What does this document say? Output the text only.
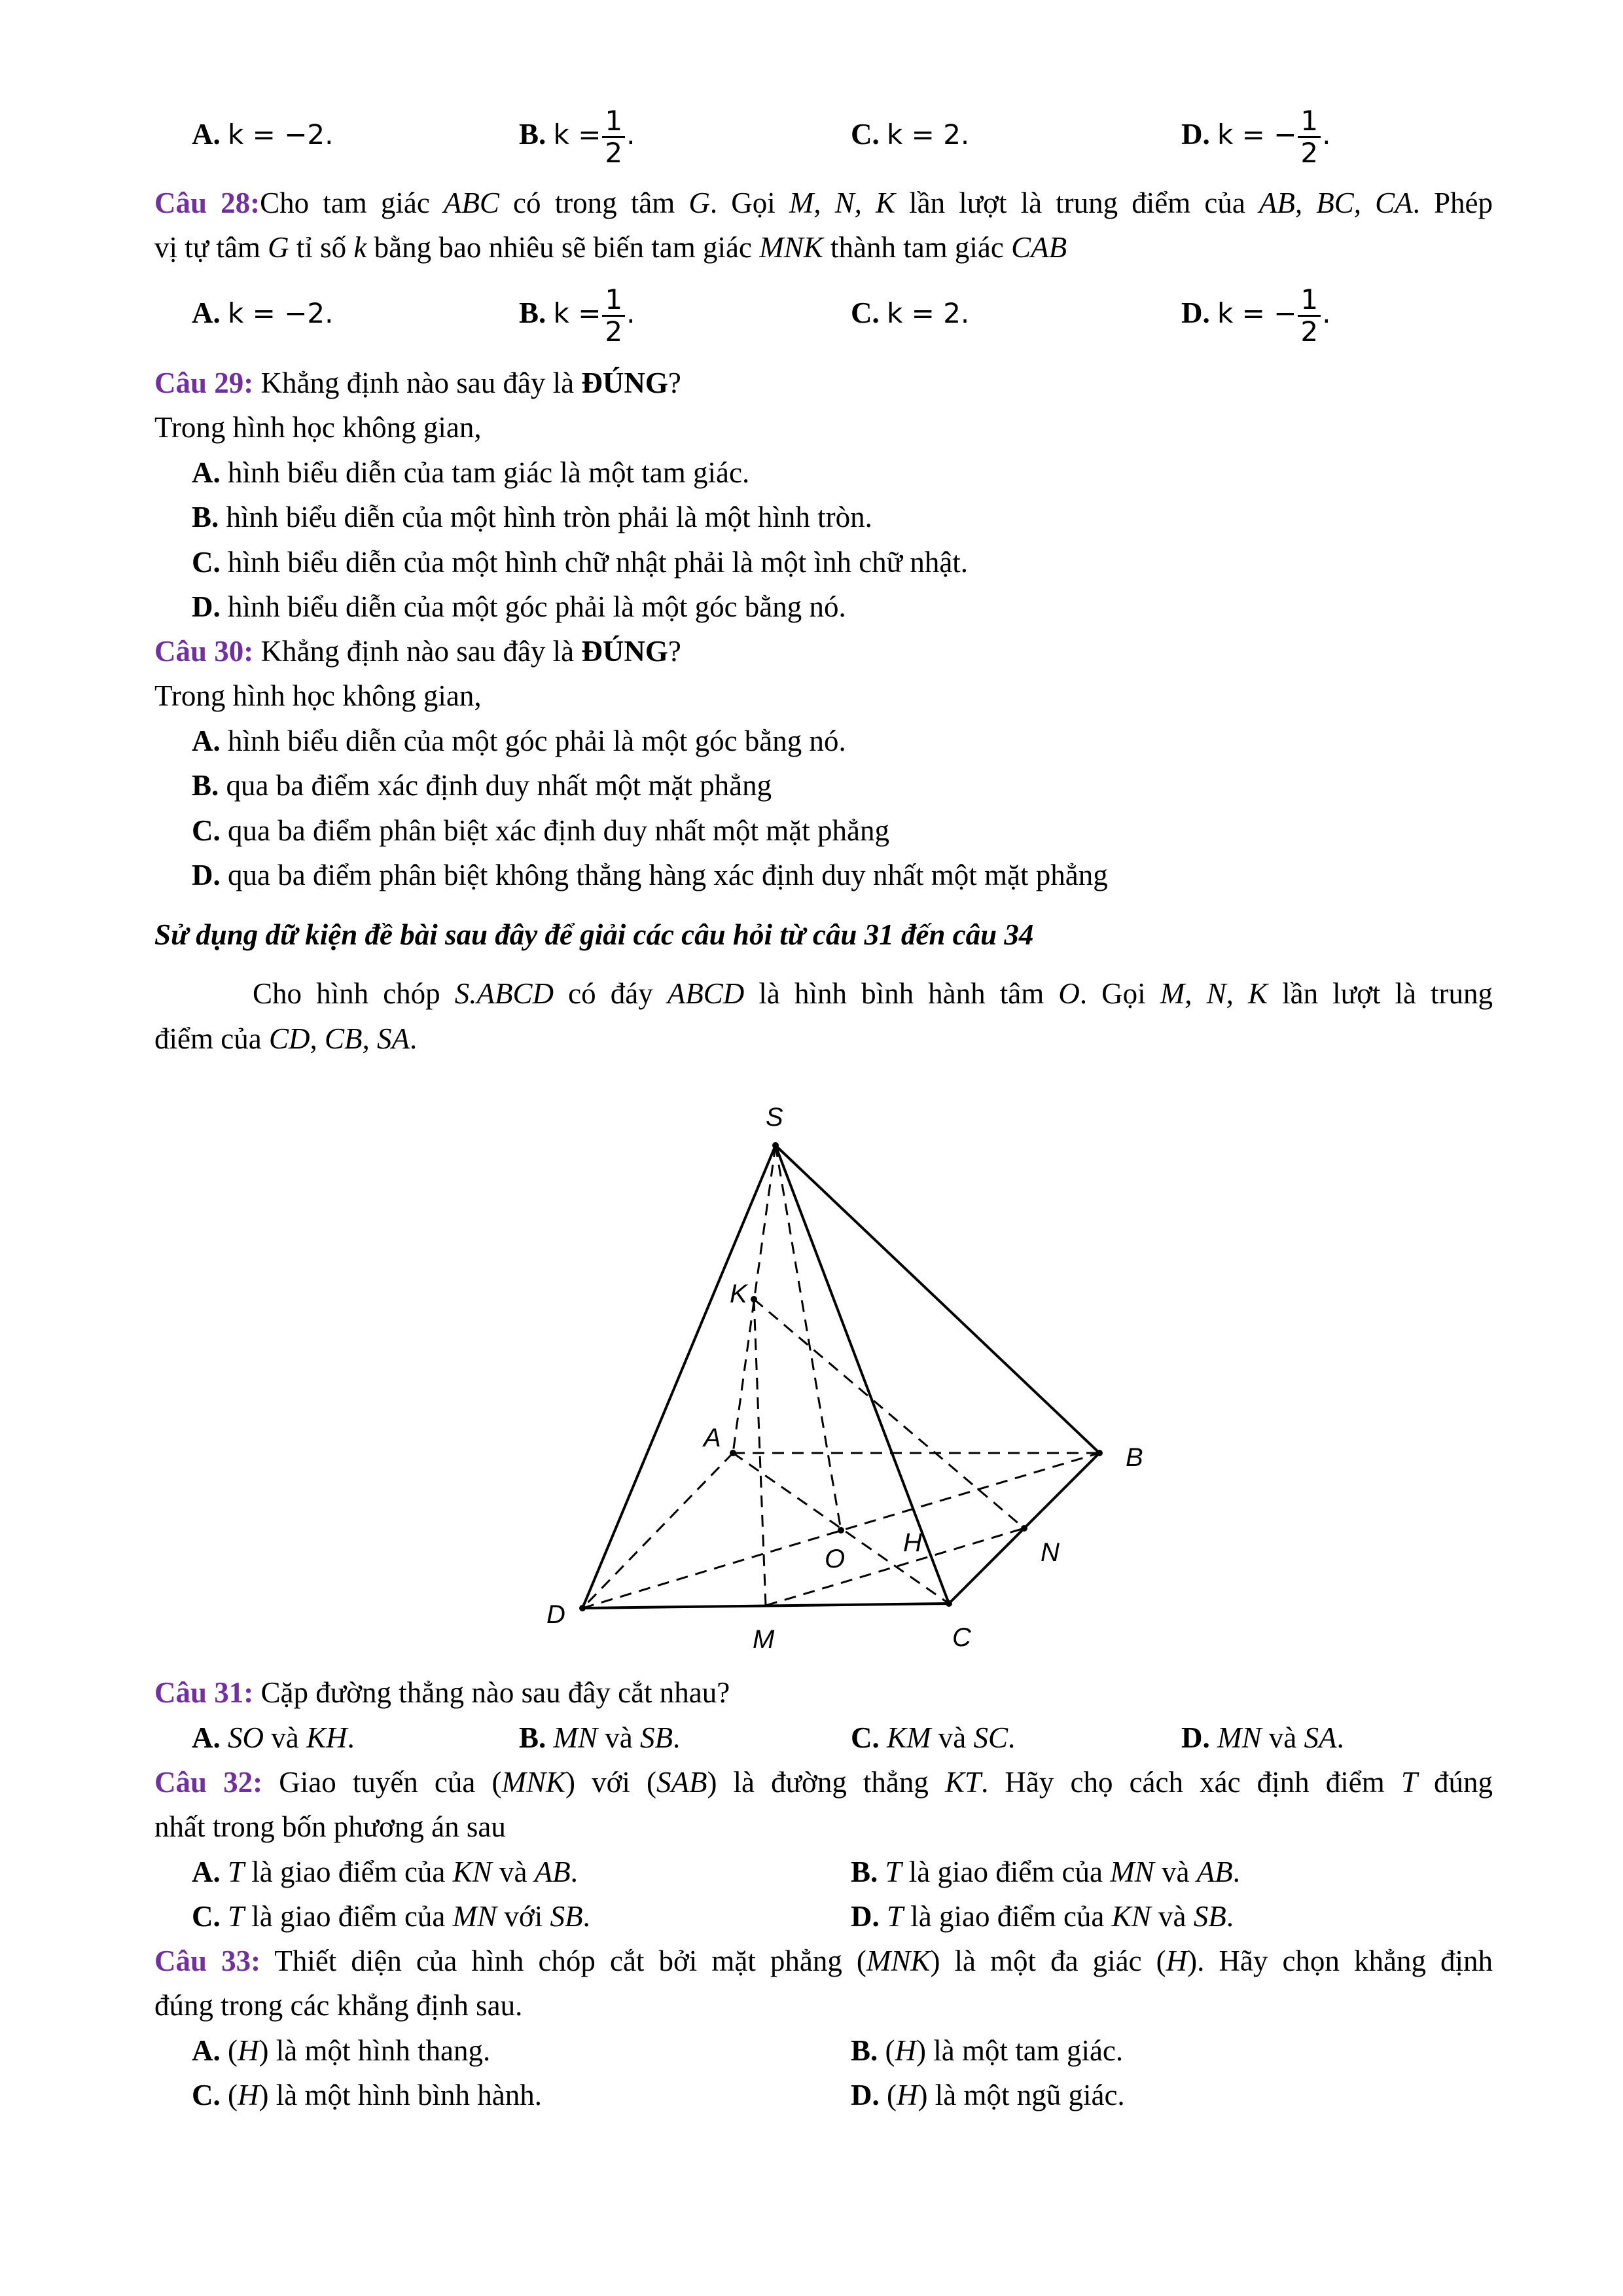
A. k = −2.	B. $k = \frac{1}{2}$ .	C. k = 2.	D. k = − $\frac{1}{2}$ .
Câu 28:Cho tam giác ABC có trong tâm G. Gọi M, N, K lần lượt là trung điểm của AB, BC, CA. Phép
vị tự tâm G tỉ số k bằng bao nhiêu sẽ biến tam giác MNK thành tam giác CAB
A. k = −2.	B. $k = \frac{1}{2}$ .	C. k = 2.	D. k = − $\frac{1}{2}$ .
Câu 29: Khẳng định nào sau đây là ĐÚNG?
Trong hình học không gian,
A. hình biểu diễn của tam giác là một tam giác.
B. hình biểu diễn của một hình tròn phải là một hình tròn.
C. hình biểu diễn của một hình chữ nhật phải là một ình chữ nhật.
D. hình biểu diễn của một góc phải là một góc bằng nó.
Câu 30: Khẳng định nào sau đây là ĐÚNG?
Trong hình học không gian,
A. hình biểu diễn của một góc phải là một góc bằng nó.
B. qua ba điểm xác định duy nhất một mặt phẳng
C. qua ba điểm phân biệt xác định duy nhất một mặt phẳng
D. qua ba điểm phân biệt không thẳng hàng xác định duy nhất một mặt phẳng
Sử dụng dữ kiện đề bài sau đây để giải các câu hỏi từ câu 31 đến câu 34
Cho hình chóp S.ABCD có đáy ABCD là hình bình hành tâm O. Gọi M, N, K lần lượt là trung
điểm của CD, CB, SA.
S
K
A
B
H
O	N
D
M	C
Câu 31: Cặp đường thẳng nào sau đây cắt nhau?
A. SO và KH.	B. MN và SB.	C. KM và SC.	D. MN và SA.
Câu 32: Giao tuyến của (MNK) với (SAB) là đường thẳng KT. Hãy chọ cách xác định điểm T đúng
nhất trong bốn phương án sau
A. T là giao điểm của KN và AB.	B. T là giao điểm của MN và AB.
C. T là giao điểm của MN với SB.	D. T là giao điểm của KN và SB.
Câu 33: Thiết diện của hình chóp cắt bởi mặt phẳng (MNK) là một đa giác (H). Hãy chọn khẳng định
đúng trong các khẳng định sau.
A. (H) là một hình thang.	B. (H) là một tam giác.
C. (H) là một hình bình hành.	D. (H) là một ngũ giác.
